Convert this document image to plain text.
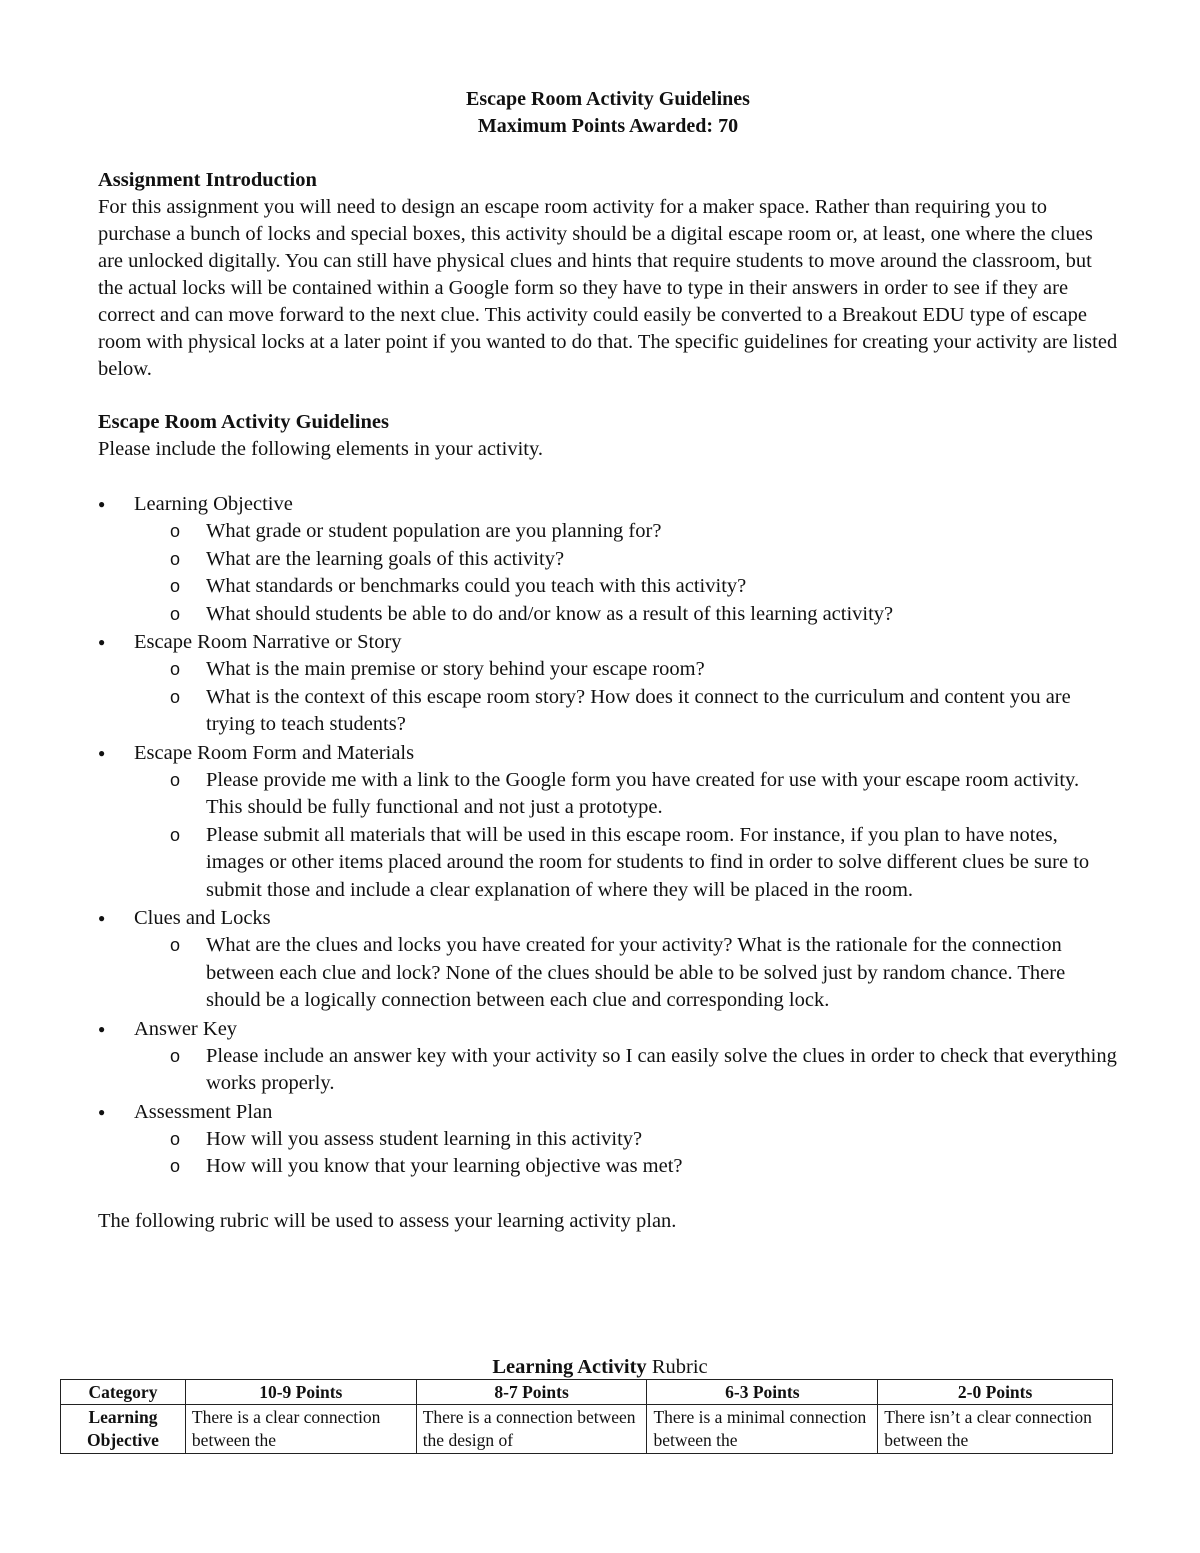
Escape Room Activity Guidelines
Maximum Points Awarded: 70
Assignment Introduction
For this assignment you will need to design an escape room activity for a maker space. Rather than requiring you to purchase a bunch of locks and special boxes, this activity should be a digital escape room or, at least, one where the clues are unlocked digitally. You can still have physical clues and hints that require students to move around the classroom, but the actual locks will be contained within a Google form so they have to type in their answers in order to see if they are correct and can move forward to the next clue. This activity could easily be converted to a Breakout EDU type of escape room with physical locks at a later point if you wanted to do that. The specific guidelines for creating your activity are listed below.
Escape Room Activity Guidelines
Please include the following elements in your activity.
● Learning Objective
o What grade or student population are you planning for?
o What are the learning goals of this activity?
o What standards or benchmarks could you teach with this activity?
o What should students be able to do and/or know as a result of this learning activity?
● Escape Room Narrative or Story
o What is the main premise or story behind your escape room?
o What is the context of this escape room story? How does it connect to the curriculum and content you are trying to teach students?
● Escape Room Form and Materials
o Please provide me with a link to the Google form you have created for use with your escape room activity. This should be fully functional and not just a prototype.
o Please submit all materials that will be used in this escape room. For instance, if you plan to have notes, images or other items placed around the room for students to find in order to solve different clues be sure to submit those and include a clear explanation of where they will be placed in the room.
● Clues and Locks
o What are the clues and locks you have created for your activity? What is the rationale for the connection between each clue and lock? None of the clues should be able to be solved just by random chance. There should be a logically connection between each clue and corresponding lock.
● Answer Key
o Please include an answer key with your activity so I can easily solve the clues in order to check that everything works properly.
● Assessment Plan
o How will you assess student learning in this activity?
o How will you know that your learning objective was met?
The following rubric will be used to assess your learning activity plan.
Learning Activity Rubric
Category	10-9 Points	8-7 Points	6-3 Points	2-0 Points
Learning Objective	There is a clear connection between the	There is a connection between the design of	There is a minimal connection between the	There isn’t a clear connection between the
